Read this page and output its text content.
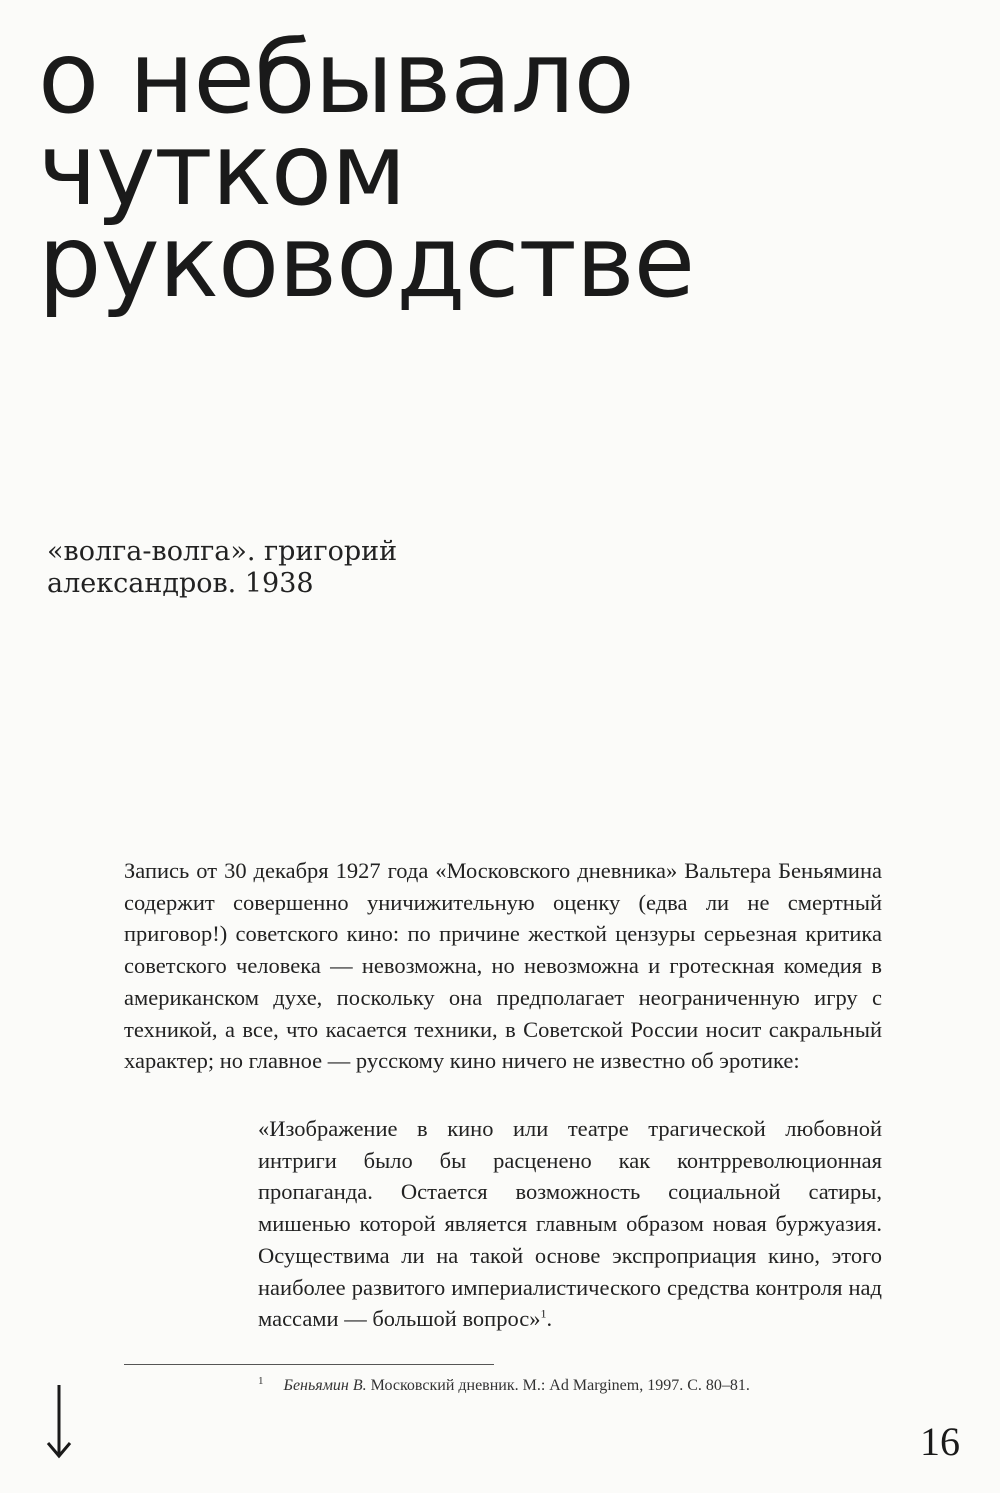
о небывало
чутком
руководстве
«волга-волга». григорий
александров. 1938

Запись от 30 декабря 1927 года «Московского дневника» Вальтера Беньямина содержит совершенно уничижительную оценку (едва ли не смертный приговор!) советского кино: по причине жесткой цензуры серьезная критика советского человека — невозможна, но невозможна и гротескная комедия в американском духе, поскольку она предполагает неограниченную игру с техникой, а все, что касается техники, в Советской России носит сакральный характер; но главное — русскому кино ничего не известно об эротике:

«Изображение в кино или театре трагической любовной интриги было бы расценено как контрреволюционная пропаганда. Остается возможность социальной сатиры, мишенью которой является главным образом новая буржуазия. Осуществима ли на такой основе экспроприация кино, этого наиболее развитого империалистического средства контроля над массами — большой вопрос»$^1$.

$^1$ Беньямин В. Московский дневник. М.: Ad Marginem, 1997. С. 80–81.
16
